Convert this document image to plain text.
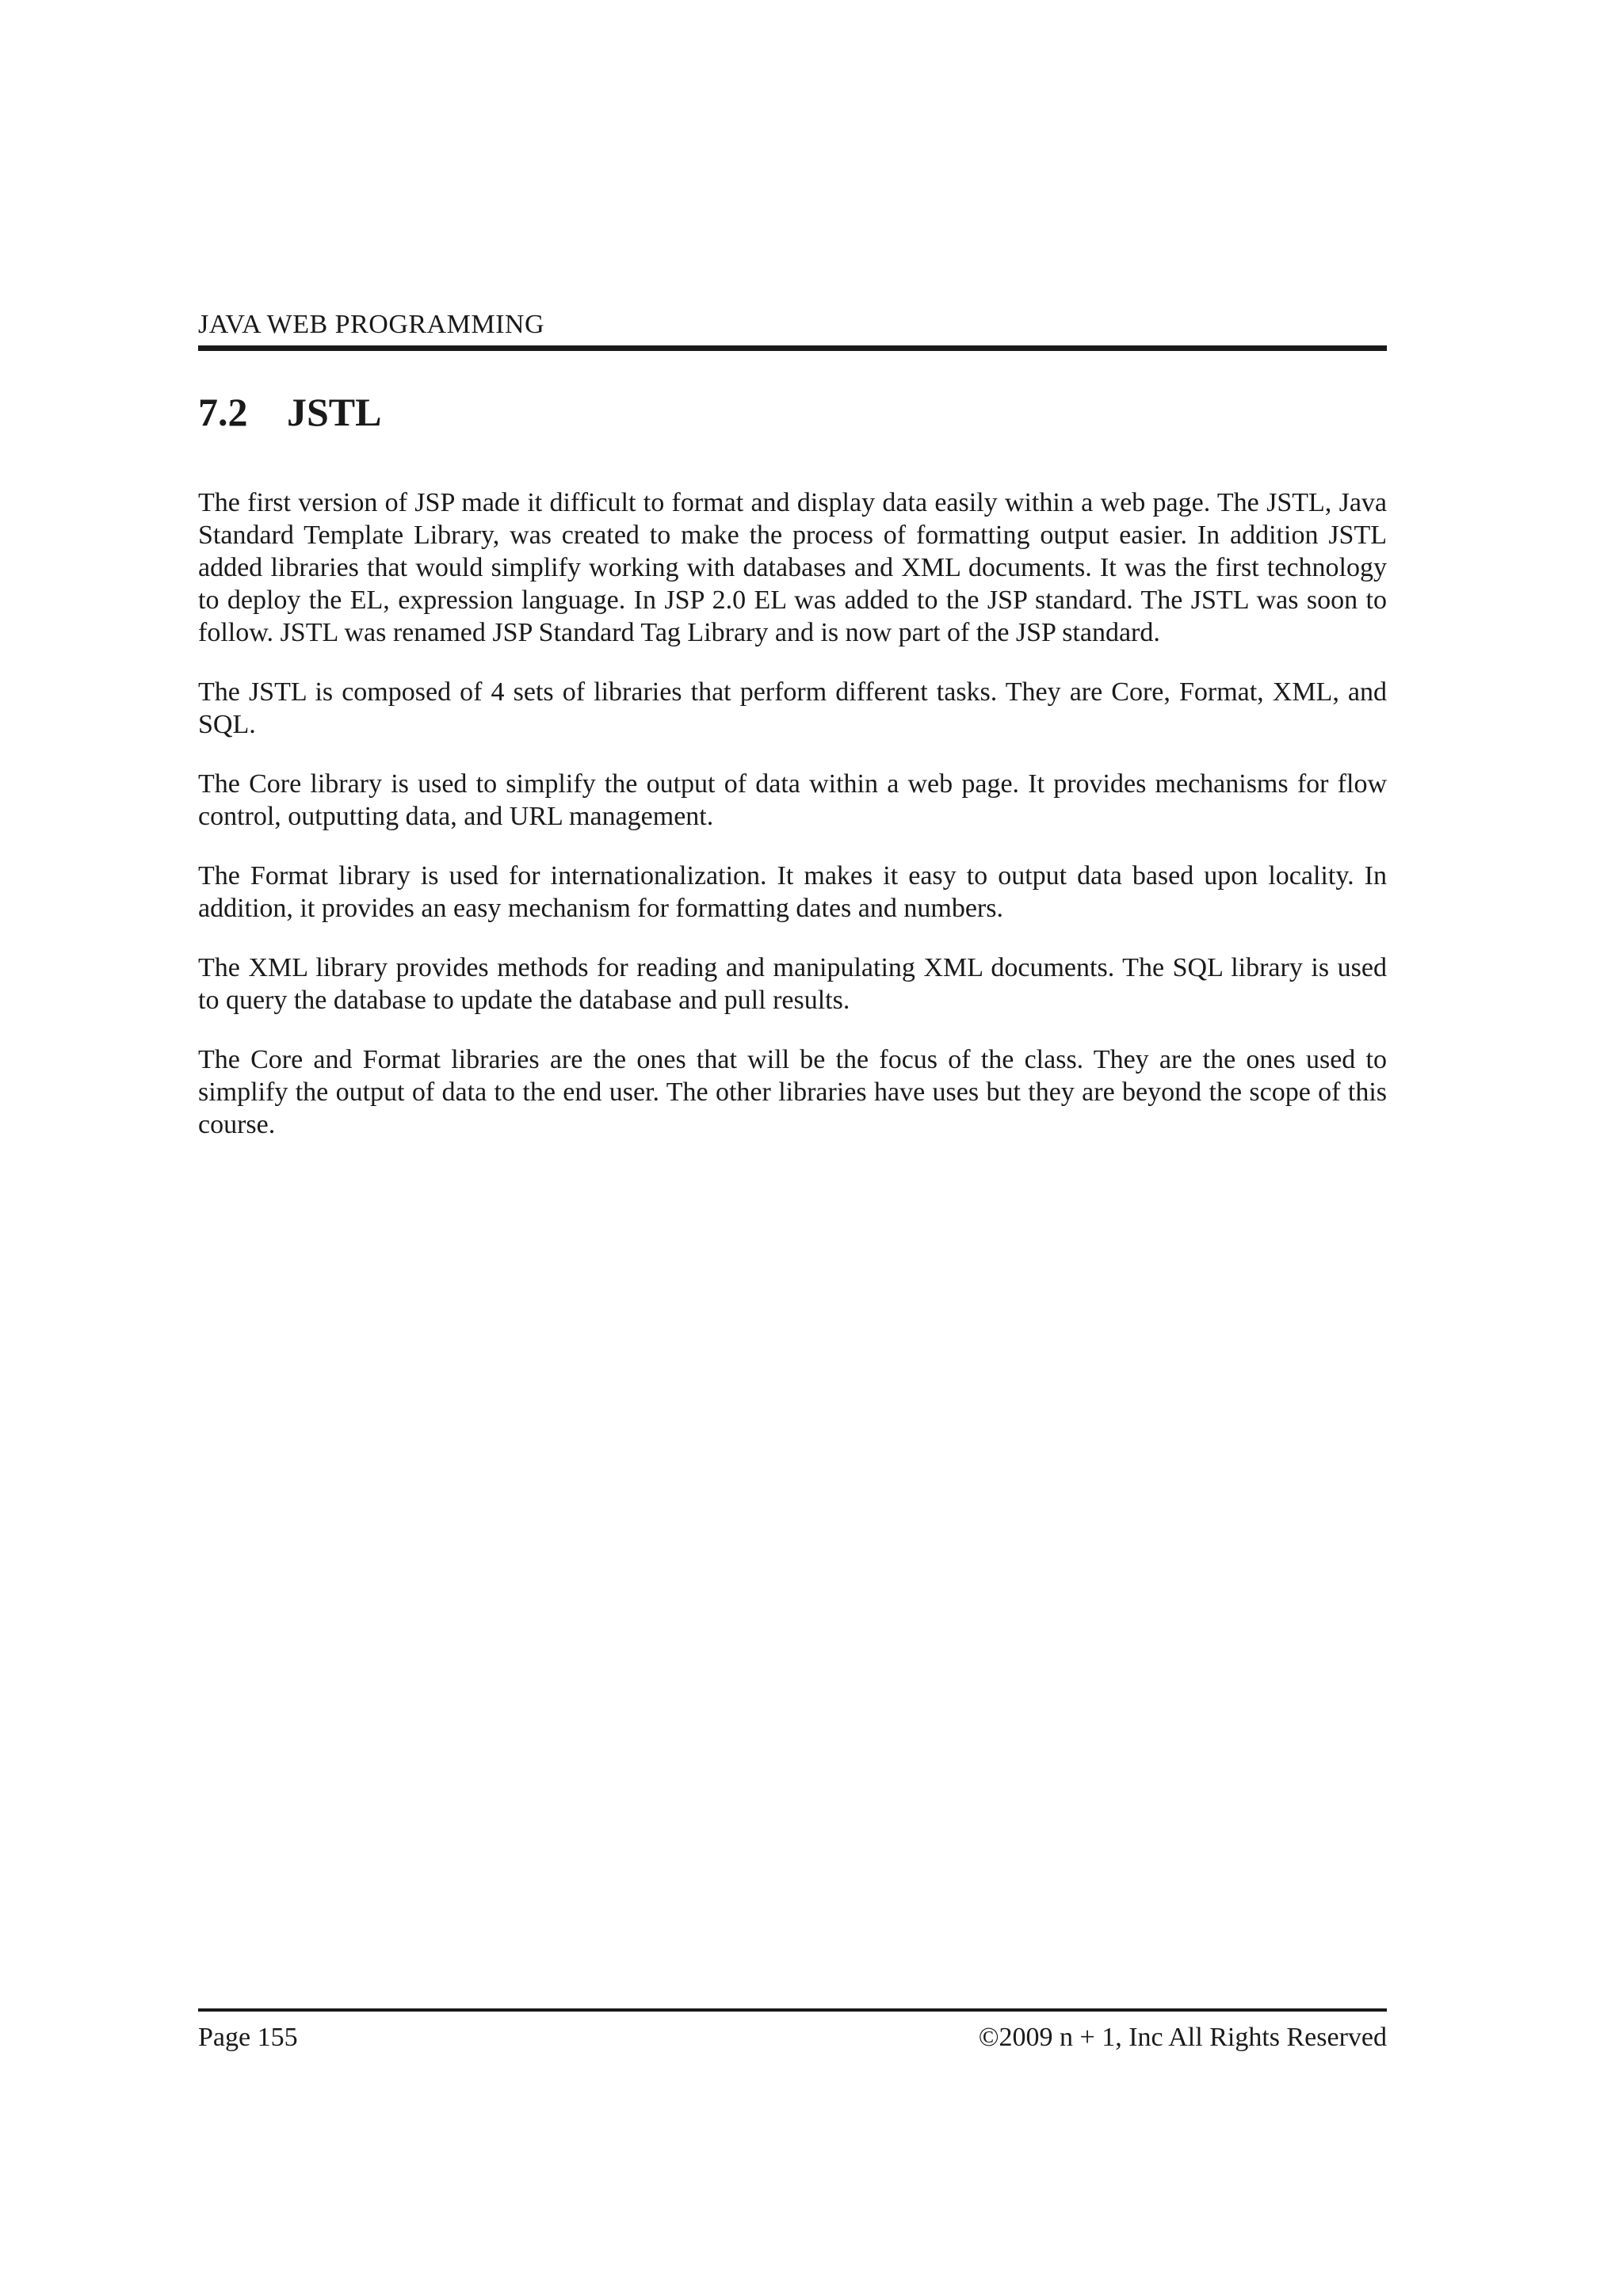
JAVA WEB PROGRAMMING
7.2 JSTL

The first version of JSP made it difficult to format and display data easily within a web page. The JSTL, Java Standard Template Library, was created to make the process of formatting output easier. In addition JSTL added libraries that would simplify working with databases and XML documents. It was the first technology to deploy the EL, expression language. In JSP 2.0 EL was added to the JSP standard. The JSTL was soon to follow. JSTL was renamed JSP Standard Tag Library and is now part of the JSP standard.

The JSTL is composed of 4 sets of libraries that perform different tasks. They are Core, Format, XML, and SQL.

The Core library is used to simplify the output of data within a web page. It provides mechanisms for flow control, outputting data, and URL management.

The Format library is used for internationalization. It makes it easy to output data based upon locality. In addition, it provides an easy mechanism for formatting dates and numbers.

The XML library provides methods for reading and manipulating XML documents. The SQL library is used to query the database to update the database and pull results.

The Core and Format libraries are the ones that will be the focus of the class. They are the ones used to simplify the output of data to the end user. The other libraries have uses but they are beyond the scope of this course.

Page 155	©2009 n + 1, Inc All Rights Reserved
